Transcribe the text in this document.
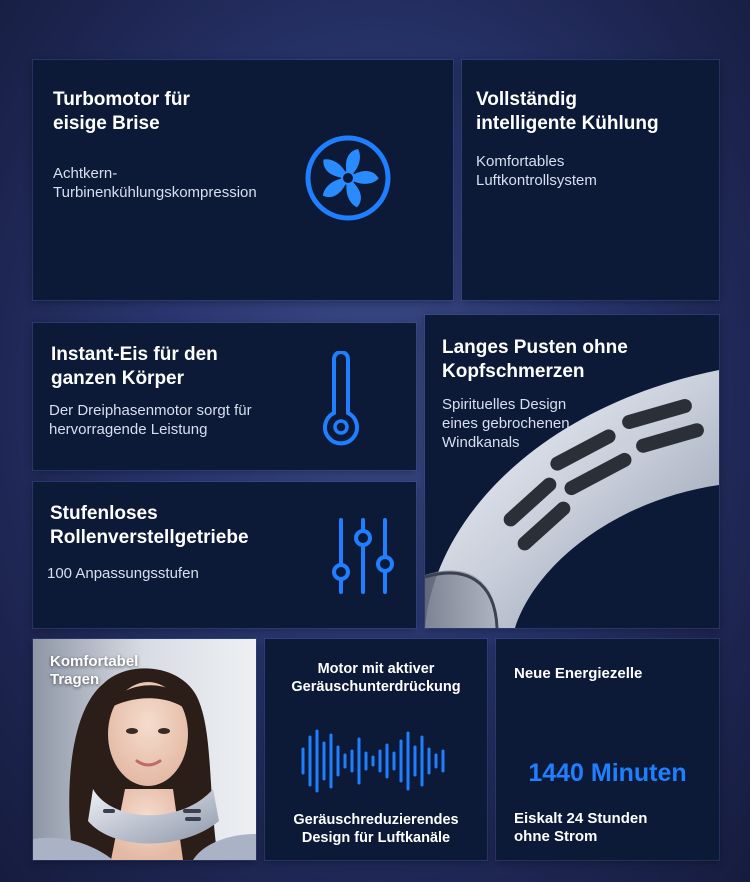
Turbomotor für
eisige Brise
Achtkern-
Turbinenkühlungskompression
Vollständig
intelligente Kühlung
Komfortables
Luftkontrollsystem
Instant-Eis für den
ganzen Körper
Der Dreiphasenmotor sorgt für
hervorragende Leistung
Langes Pusten ohne
Kopfschmerzen
Spirituelles Design
eines gebrochenen
Windkanals
Stufenloses
Rollenverstellgetriebe
100 Anpassungsstufen
Komfortabel
Tragen
Motor mit aktiver
Geräuschunterdrückung
Geräuschreduzierendes
Design für Luftkanäle
Neue Energiezelle
1440 Minuten
Eiskalt 24 Stunden
ohne Strom
